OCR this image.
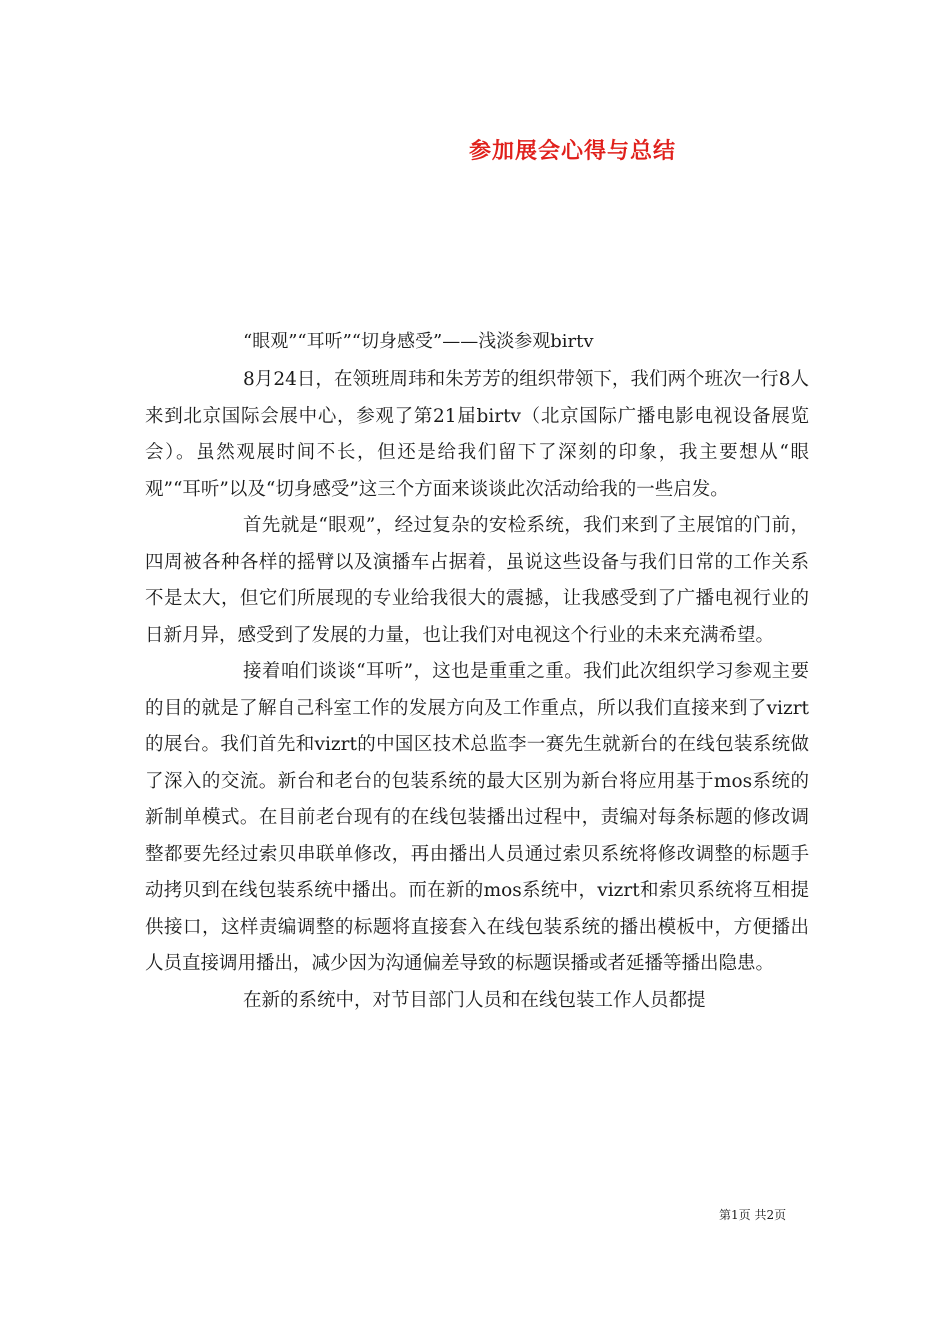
参加展会心得与总结
“眼观”“耳听”“切身感受”——浅淡参观birtv

8月24日，在领班周玮和朱芳芳的组织带领下，我们两个班次一行8人来到北京国际会展中心，参观了第21届birtv（北京国际广播电影电视设备展览会）。虽然观展时间不长，但还是给我们留下了深刻的印象，我主要想从“眼观”“耳听”以及“切身感受”这三个方面来谈谈此次活动给我的一些启发。

首先就是“眼观”，经过复杂的安检系统，我们来到了主展馆的门前，四周被各种各样的摇臂以及演播车占据着，虽说这些设备与我们日常的工作关系不是太大，但它们所展现的专业给我很大的震撼，让我感受到了广播电视行业的日新月异，感受到了发展的力量，也让我们对电视这个行业的未来充满希望。

接着咱们谈谈“耳听”，这也是重重之重。我们此次组织学习参观主要的目的就是了解自己科室工作的发展方向及工作重点，所以我们直接来到了vizrt的展台。我们首先和vizrt的中国区技术总监李一赛先生就新台的在线包装系统做了深入的交流。新台和老台的包装系统的最大区别为新台将应用基于mos系统的新制单模式。在目前老台现有的在线包装播出过程中，责编对每条标题的修改调整都要先经过索贝串联单修改，再由播出人员通过索贝系统将修改调整的标题手动拷贝到在线包装系统中播出。而在新的mos系统中，vizrt和索贝系统将互相提供接口，这样责编调整的标题将直接套入在线包装系统的播出模板中，方便播出人员直接调用播出，减少因为沟通偏差导致的标题误播或者延播等播出隐患。

在新的系统中，对节目部门人员和在线包装工作人员都提

第1页 共2页
